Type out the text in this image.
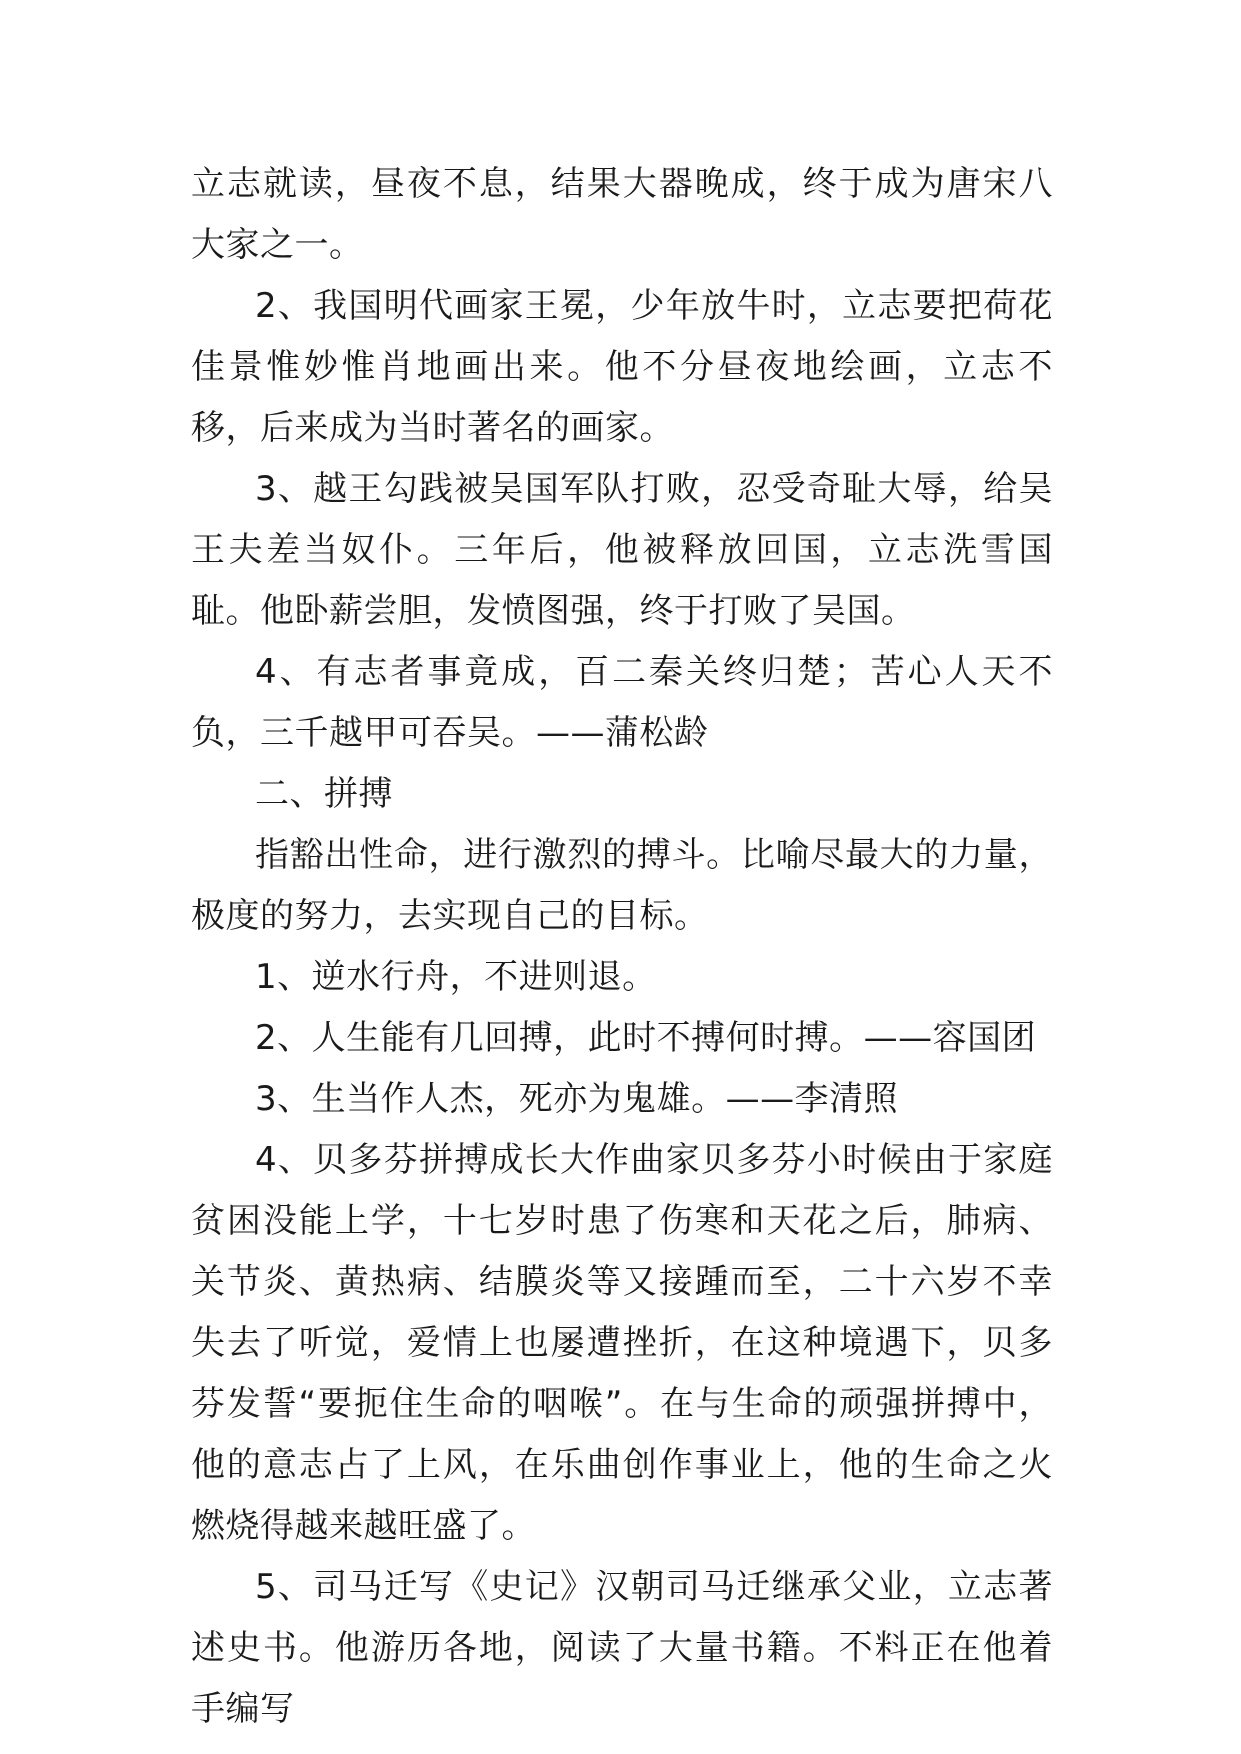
立志就读，昼夜不息，结果大器晚成，终于成为唐宋八大家之一。

2、我国明代画家王冕，少年放牛时，立志要把荷花佳景惟妙惟肖地画出来。他不分昼夜地绘画，立志不移，后来成为当时著名的画家。

3、越王勾践被吴国军队打败，忍受奇耻大辱，给吴王夫差当奴仆。三年后，他被释放回国，立志洗雪国耻。他卧薪尝胆，发愤图强，终于打败了吴国。

4、有志者事竟成，百二秦关终归楚；苦心人天不负，三千越甲可吞吴。——蒲松龄

二、拼搏

指豁出性命，进行激烈的搏斗。比喻尽最大的力量，极度的努力，去实现自己的目标。

1、逆水行舟，不进则退。

2、人生能有几回搏，此时不搏何时搏。——容国团

3、生当作人杰，死亦为鬼雄。——李清照

4、贝多芬拼搏成长大作曲家贝多芬小时候由于家庭贫困没能上学，十七岁时患了伤寒和天花之后，肺病、关节炎、黄热病、结膜炎等又接踵而至，二十六岁不幸失去了听觉，爱情上也屡遭挫折，在这种境遇下，贝多芬发誓“要扼住生命的咽喉”。在与生命的顽强拼搏中，他的意志占了上风，在乐曲创作事业上，他的生命之火燃烧得越来越旺盛了。

5、司马迁写《史记》汉朝司马迁继承父业，立志著述史书。他游历各地，阅读了大量书籍。不料正在他着手编写
